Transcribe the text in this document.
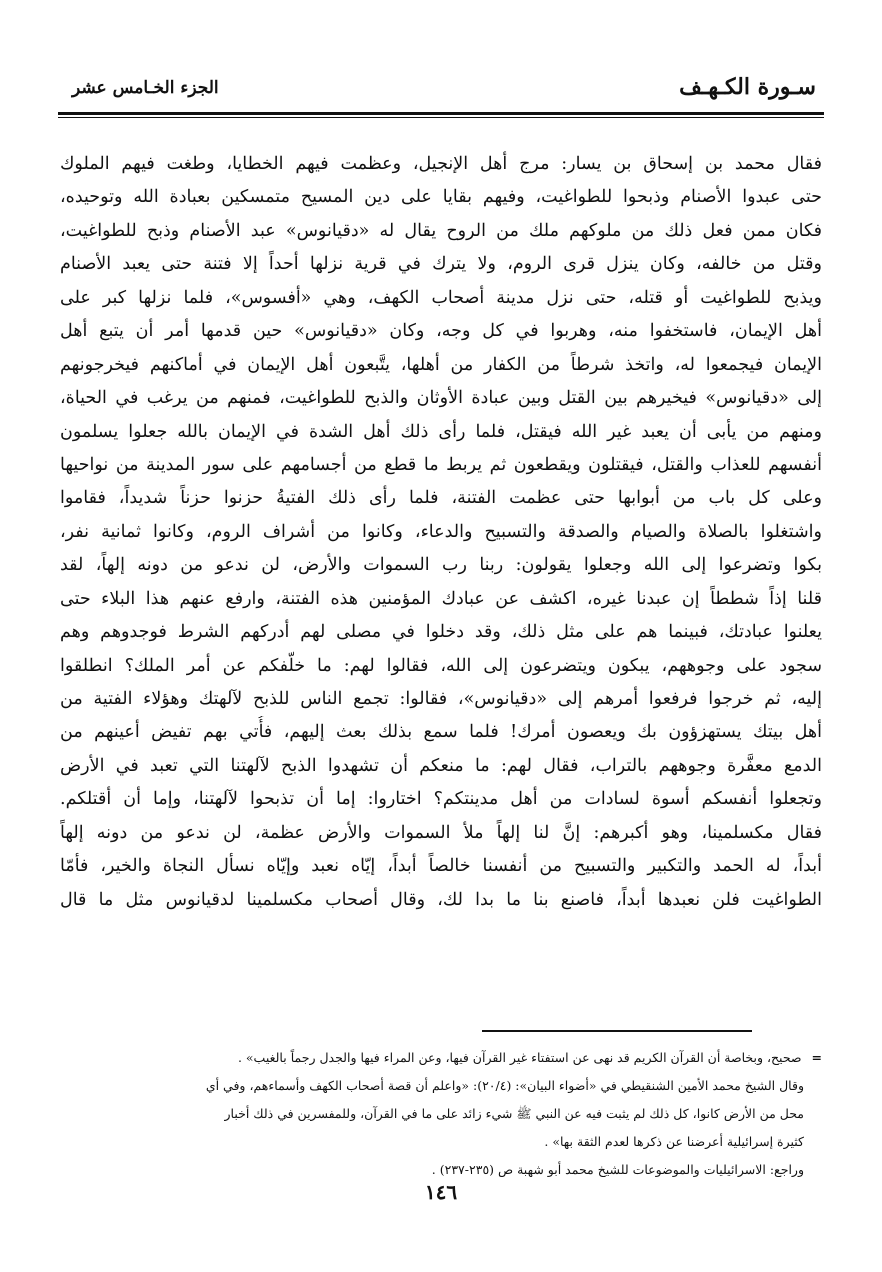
سـورة الكـهـف
الجزء الخـامس عشر
فقال محمد بن إسحاق بن يسار: مرج أهل الإنجيل، وعظمت فيهم الخطايا، وطغت فيهم الملوك
حتى عبدوا الأصنام وذبحوا للطواغيت، وفيهم بقايا على دين المسيح متمسكين بعبادة الله وتوحيده،
فكان ممن فعل ذلك من ملوكهم ملك من الروح يقال له «دقيانوس» عبد الأصنام وذبح للطواغيت،
وقتل من خالفه، وكان ينزل قرى الروم، ولا يترك في قرية نزلها أحداً إلا فتنة حتى يعبد الأصنام
ويذبح للطواغيت أو قتله، حتى نزل مدينة أصحاب الكهف، وهي «أفسوس»، فلما نزلها كبر على
أهل الإيمان، فاستخفوا منه، وهربوا في كل وجه، وكان «دقيانوس» حين قدمها أمر أن يتبع أهل
الإيمان فيجمعوا له، واتخذ شرطاً من الكفار من أهلها، يتَّبعون أهل الإيمان في أماكنهم فيخرجونهم
إلى «دقيانوس» فيخيرهم بين القتل وبين عبادة الأوثان والذبح للطواغيت، فمنهم من يرغب في الحياة،
ومنهم من يأبى أن يعبد غير الله فيقتل، فلما رأى ذلك أهل الشدة في الإيمان بالله جعلوا يسلمون
أنفسهم للعذاب والقتل، فيقتلون ويقطعون ثم يربط ما قطع من أجسامهم على سور المدينة من نواحيها
وعلى كل باب من أبوابها حتى عظمت الفتنة، فلما رأى ذلك الفتيةُ حزنوا حزناً شديداً، فقاموا
واشتغلوا بالصلاة والصيام والصدقة والتسبيح والدعاء، وكانوا من أشراف الروم، وكانوا ثمانية نفر،
بكوا وتضرعوا إلى الله وجعلوا يقولون: ربنا رب السموات والأرض، لن ندعو من دونه إلهاً، لقد
قلنا إذاً شططاً إن عبدنا غيره، اكشف عن عبادك المؤمنين هذه الفتنة، وارفع عنهم هذا البلاء حتى
يعلنوا عبادتك، فبينما هم على مثل ذلك، وقد دخلوا في مصلى لهم أدركهم الشرط فوجدوهم وهم
سجود على وجوههم، يبكون ويتضرعون إلى الله، فقالوا لهم: ما خلّفكم عن أمر الملك؟ انطلقوا
إليه، ثم خرجوا فرفعوا أمرهم إلى «دقيانوس»، فقالوا: تجمع الناس للذبح لآلهتك وهؤلاء الفتية من
أهل بيتك يستهزؤون بك ويعصون أمرك! فلما سمع بذلك بعث إليهم، فأُتي بهم تفيض أعينهم من
الدمع معفَّرة وجوههم بالتراب، فقال لهم: ما منعكم أن تشهدوا الذبح لآلهتنا التي تعبد في الأرض
وتجعلوا أنفسكم أسوة لسادات من أهل مدينتكم؟ اختاروا: إما أن تذبحوا لآلهتنا، وإما أن أقتلكم.
فقال مكسلمينا، وهو أكبرهم: إنَّ لنا إلهاً ملأ السموات والأرض عظمة، لن ندعو من دونه إلهاً
أبداً، له الحمد والتكبير والتسبيح من أنفسنا خالصاً أبداً، إيّاه نعبد وإيّاه نسأل النجاة والخير، فأمّا
الطواغيت فلن نعبدها أبداً، فاصنع بنا ما بدا لك، وقال أصحاب مكسلمينا لدقيانوس مثل ما قال
=صحيح، وبخاصة أن القرآن الكريم قد نهى عن استفتاء غير القرآن فيها، وعن المراء فيها والجدل رجماً بالغيب» .
وقال الشيخ محمد الأمين الشنقيطي في «أضواء البيان»: (٢٠/٤): «واعلم أن قصة أصحاب الكهف وأسماءهم، وفي أي
محل من الأرض كانوا، كل ذلك لم يثبت فيه عن النبي ﷺ شيء زائد على ما في القرآن، وللمفسرين في ذلك أخبار
كثيرة إسرائيلية أعرضنا عن ذكرها لعدم الثقة بها» .
وراجع: الاسرائيليات والموضوعات للشيخ محمد أبو شهبة ص (٢٣٥-٢٣٧) .
١٤٦
